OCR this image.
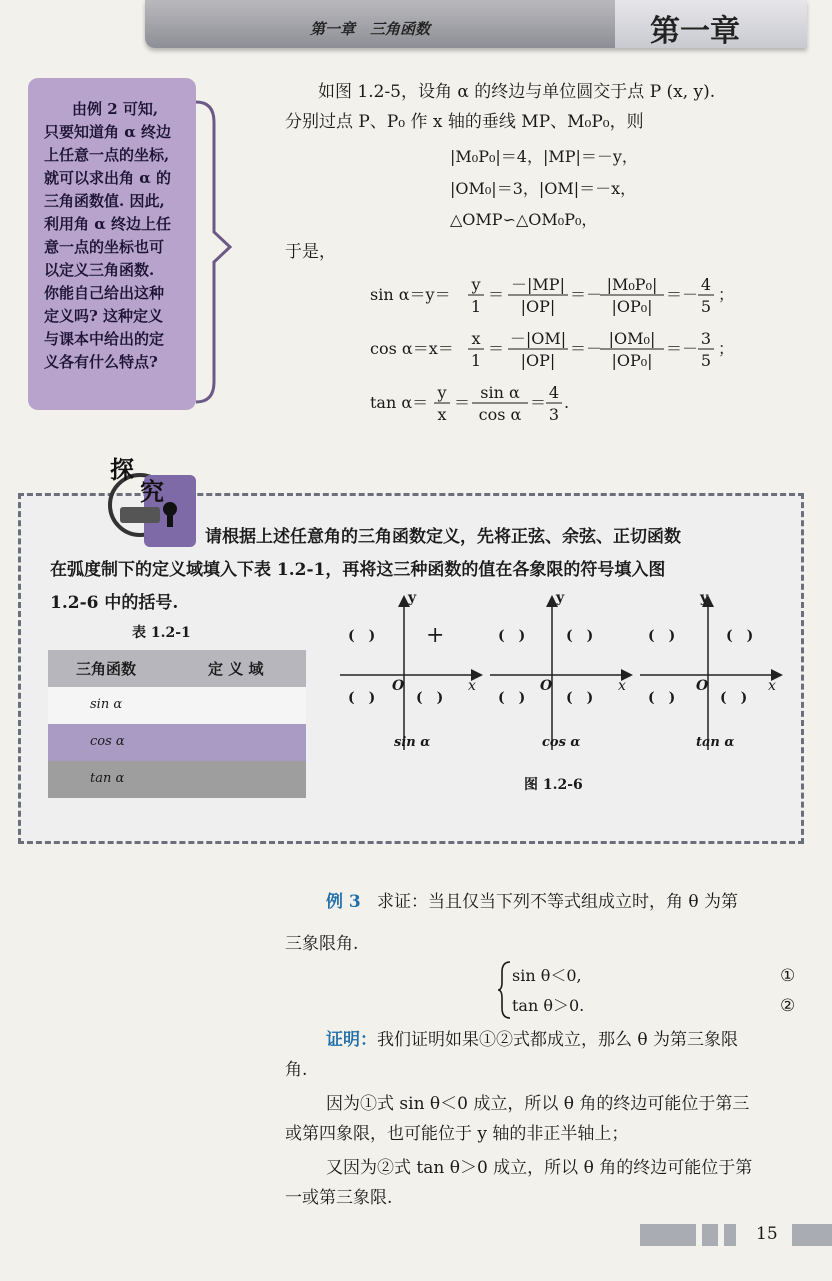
第一章　三角函数	第一章
由例 2 可知,
只要知道角 α 终边
上任意一点的坐标,
就可以求出角 α 的
三角函数值. 因此,
利用角 α 终边上任
意一点的坐标也可
以定义三角函数.
你能自己给出这种
定义吗? 这种定义
与课本中给出的定
义各有什么特点?
如图 1.2-5，设角 α 的终边与单位圆交于点 P (x, y).
分别过点 P、P₀ 作 x 轴的垂线 MP、M₀P₀，则
|M₀P₀|＝4，|MP|＝－y，
|OM₀|＝3，|OM|＝－x，
△OMP∽△OM₀P₀，
于是，
sin α＝y＝
y
1
＝
－|MP|
|OP|
＝－
|M₀P₀|
|OP₀|
＝－
4
5
；
cos α＝x＝
x
1
＝
－|OM|
|OP|
＝－
|OM₀|
|OP₀|
＝－
3
5
；
tan α＝
y
x
＝
sin α
cos α
＝
4
3
.
探
究
请根据上述任意角的三角函数定义，先将正弦、余弦、正切函数
在弧度制下的定义域填入下表 1.2-1，再将这三种函数的值在各象限的符号填入图
1.2-6 中的括号.
表 1.2-1
三角函数	定 义 域
sin α
cos α
tan α
y
x
O
(　) +
(　)	(　)
sin α
y
x
O
(　)	(　)
(　)	(　)
cos α
y
x
O
(　)	(　)
(　)	(　)
tan α
图 1.2-6
例 3 求证：当且仅当下列不等式组成立时，角 θ 为第
三象限角.
sin θ＜0,
tan θ＞0.
①
②
证明：我们证明如果①②式都成立，那么 θ 为第三象限
角.
因为①式 sin θ＜0 成立，所以 θ 角的终边可能位于第三
或第四象限，也可能位于 y 轴的非正半轴上；
又因为②式 tan θ＞0 成立，所以 θ 角的终边可能位于第
一或第三象限.
15
